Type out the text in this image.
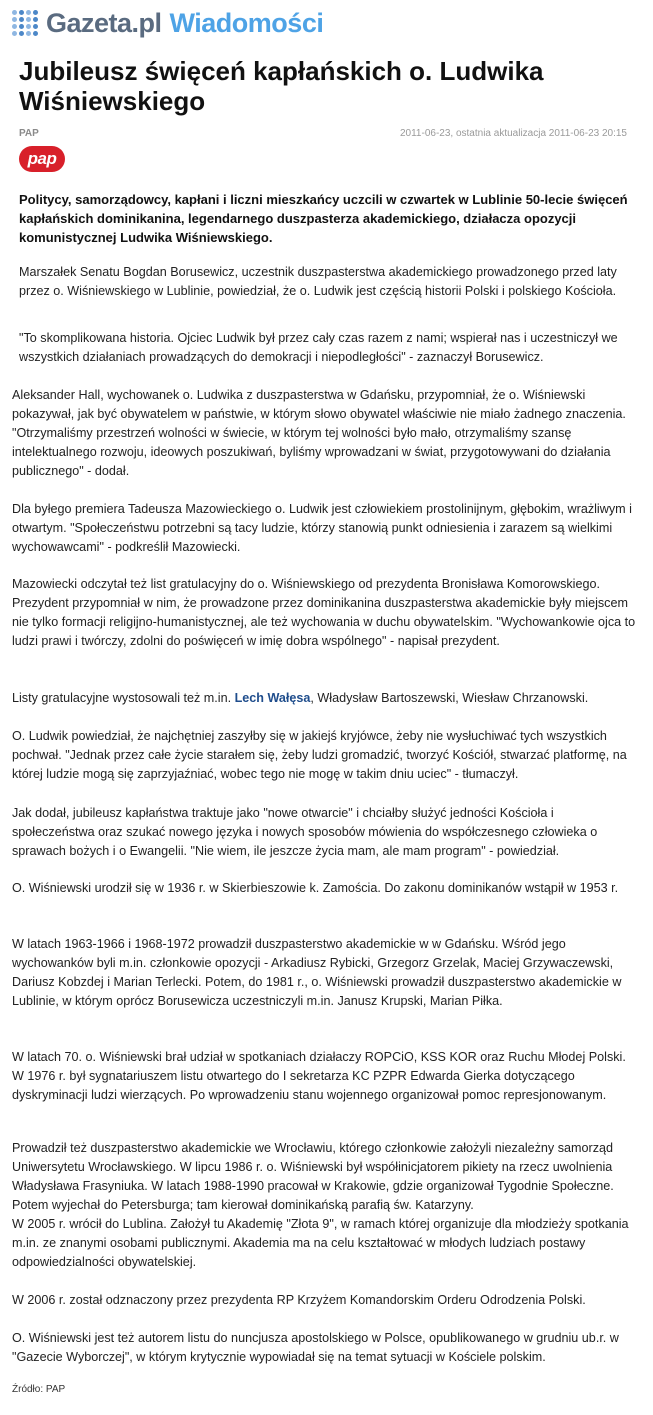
Gazeta.pl Wiadomości
Jubileusz święceń kapłańskich o. Ludwika Wiśniewskiego
PAP	2011-06-23, ostatnia aktualizacja 2011-06-23 20:15
pap

Politycy, samorządowcy, kapłani i liczni mieszkańcy uczcili w czwartek w Lublinie 50-lecie święceń kapłańskich dominikanina, legendarnego duszpasterza akademickiego, działacza opozycji komunistycznej Ludwika Wiśniewskiego.

Marszałek Senatu Bogdan Borusewicz, uczestnik duszpasterstwa akademickiego prowadzonego przed laty przez o. Wiśniewskiego w Lublinie, powiedział, że o. Ludwik jest częścią historii Polski i polskiego Kościoła.

"To skomplikowana historia. Ojciec Ludwik był przez cały czas razem z nami; wspierał nas i uczestniczył we wszystkich działaniach prowadzących do demokracji i niepodległości" - zaznaczył Borusewicz.

Aleksander Hall, wychowanek o. Ludwika z duszpasterstwa w Gdańsku, przypomniał, że o. Wiśniewski pokazywał, jak być obywatelem w państwie, w którym słowo obywatel właściwie nie miało żadnego znaczenia. "Otrzymaliśmy przestrzeń wolności w świecie, w którym tej wolności było mało, otrzymaliśmy szansę intelektualnego rozwoju, ideowych poszukiwań, byliśmy wprowadzani w świat, przygotowywani do działania publicznego" - dodał.

Dla byłego premiera Tadeusza Mazowieckiego o. Ludwik jest człowiekiem prostolinijnym, głębokim, wrażliwym i otwartym. "Społeczeństwu potrzebni są tacy ludzie, którzy stanowią punkt odniesienia i zarazem są wielkimi wychowawcami" - podkreślił Mazowiecki.

Mazowiecki odczytał też list gratulacyjny do o. Wiśniewskiego od prezydenta Bronisława Komorowskiego. Prezydent przypomniał w nim, że prowadzone przez dominikanina duszpasterstwa akademickie były miejscem nie tylko formacji religijno-humanistycznej, ale też wychowania w duchu obywatelskim. "Wychowankowie ojca to ludzi prawi i twórczy, zdolni do poświęceń w imię dobra wspólnego" - napisał prezydent.

Listy gratulacyjne wystosowali też m.in. Lech Wałęsa, Władysław Bartoszewski, Wiesław Chrzanowski.

O. Ludwik powiedział, że najchętniej zaszyłby się w jakiejś kryjówce, żeby nie wysłuchiwać tych wszystkich pochwał. "Jednak przez całe życie starałem się, żeby ludzi gromadzić, tworzyć Kościół, stwarzać platformę, na której ludzie mogą się zaprzyjaźniać, wobec tego nie mogę w takim dniu uciec" - tłumaczył.

Jak dodał, jubileusz kapłaństwa traktuje jako "nowe otwarcie" i chciałby służyć jedności Kościoła i społeczeństwa oraz szukać nowego języka i nowych sposobów mówienia do współczesnego człowieka o sprawach bożych i o Ewangelii. "Nie wiem, ile jeszcze życia mam, ale mam program" - powiedział.

O. Wiśniewski urodził się w 1936 r. w Skierbieszowie k. Zamościa. Do zakonu dominikanów wstąpił w 1953 r.

W latach 1963-1966 i 1968-1972 prowadził duszpasterstwo akademickie w w Gdańsku. Wśród jego wychowanków byli m.in. członkowie opozycji - Arkadiusz Rybicki, Grzegorz Grzelak, Maciej Grzywaczewski, Dariusz Kobzdej i Marian Terlecki. Potem, do 1981 r., o. Wiśniewski prowadził duszpasterstwo akademickie w Lublinie, w którym oprócz Borusewicza uczestniczyli m.in. Janusz Krupski, Marian Piłka.

W latach 70. o. Wiśniewski brał udział w spotkaniach działaczy ROPCiO, KSS KOR oraz Ruchu Młodej Polski. W 1976 r. był sygnatariuszem listu otwartego do I sekretarza KC PZPR Edwarda Gierka dotyczącego dyskryminacji ludzi wierzących. Po wprowadzeniu stanu wojennego organizował pomoc represjonowanym.

Prowadził też duszpasterstwo akademickie we Wrocławiu, którego członkowie założyli niezależny samorząd Uniwersytetu Wrocławskiego. W lipcu 1986 r. o. Wiśniewski był współinicjatorem pikiety na rzecz uwolnienia Władysława Frasyniuka. W latach 1988-1990 pracował w Krakowie, gdzie organizował Tygodnie Społeczne. Potem wyjechał do Petersburga; tam kierował dominikańską parafią św. Katarzyny.

W 2005 r. wrócił do Lublina. Założył tu Akademię "Złota 9", w ramach której organizuje dla młodzieży spotkania m.in. ze znanymi osobami publicznymi. Akademia ma na celu kształtować w młodych ludziach postawy odpowiedzialności obywatelskiej.

W 2006 r. został odznaczony przez prezydenta RP Krzyżem Komandorskim Orderu Odrodzenia Polski.

O. Wiśniewski jest też autorem listu do nuncjusza apostolskiego w Polsce, opublikowanego w grudniu ub.r. w "Gazecie Wyborczej", w którym krytycznie wypowiadał się na temat sytuacji w Kościele polskim.

Źródło: PAP
